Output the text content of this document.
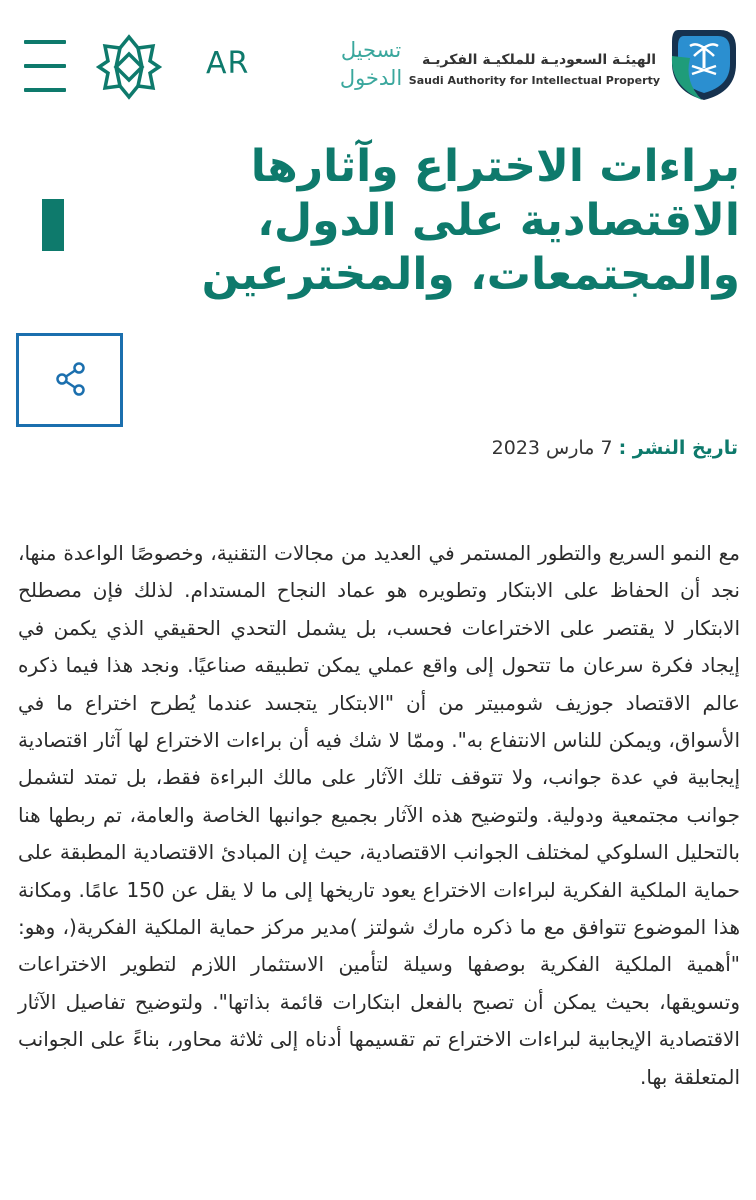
AR	تسجيل الدخول
الهيئـة السعوديـة للملكيـة الفكريـة
Saudi Authority for Intellectual Property
براءات الاختراع وآثارها الاقتصادية على الدول، والمجتمعات، والمخترعين
تاريخ النشر : 7 مارس 2023

مع النمو السريع والتطور المستمر في العديد من مجالات التقنية، وخصوصًا الواعدة منها، نجد أن الحفاظ على الابتكار وتطويره هو عماد النجاح المستدام. لذلك فإن مصطلح الابتكار لا يقتصر على الاختراعات فحسب، بل يشمل التحدي الحقيقي الذي يكمن في إيجاد فكرة سرعان ما تتحول إلى واقع عملي يمكن تطبيقه صناعيًا. ونجد هذا فيما ذكره عالم الاقتصاد جوزيف شومبيتر من أن "الابتكار يتجسد عندما يُطرح اختراع ما في الأسواق، ويمكن للناس الانتفاع به". وممّا لا شك فيه أن براءات الاختراع لها آثار اقتصادية إيجابية في عدة جوانب، ولا تتوقف تلك الآثار على مالك البراءة فقط، بل تمتد لتشمل جوانب مجتمعية ودولية. ولتوضيح هذه الآثار بجميع جوانبها الخاصة والعامة، تم ربطها هنا بالتحليل السلوكي لمختلف الجوانب الاقتصادية، حيث إن المبادئ الاقتصادية المطبقة على حماية الملكية الفكرية لبراءات الاختراع يعود تاريخها إلى ما لا يقل عن 150 عامًا. ومكانة هذا الموضوع تتوافق مع ما ذكره مارك شولتز )مدير مركز حماية الملكية الفكرية(، وهو: "أهمية الملكية الفكرية بوصفها وسيلة لتأمين الاستثمار اللازم لتطوير الاختراعات وتسويقها، بحيث يمكن أن تصبح بالفعل ابتكارات قائمة بذاتها". ولتوضيح تفاصيل الآثار الاقتصادية الإيجابية لبراءات الاختراع تم تقسيمها أدناه إلى ثلاثة محاور، بناءً على الجوانب المتعلقة بها.
